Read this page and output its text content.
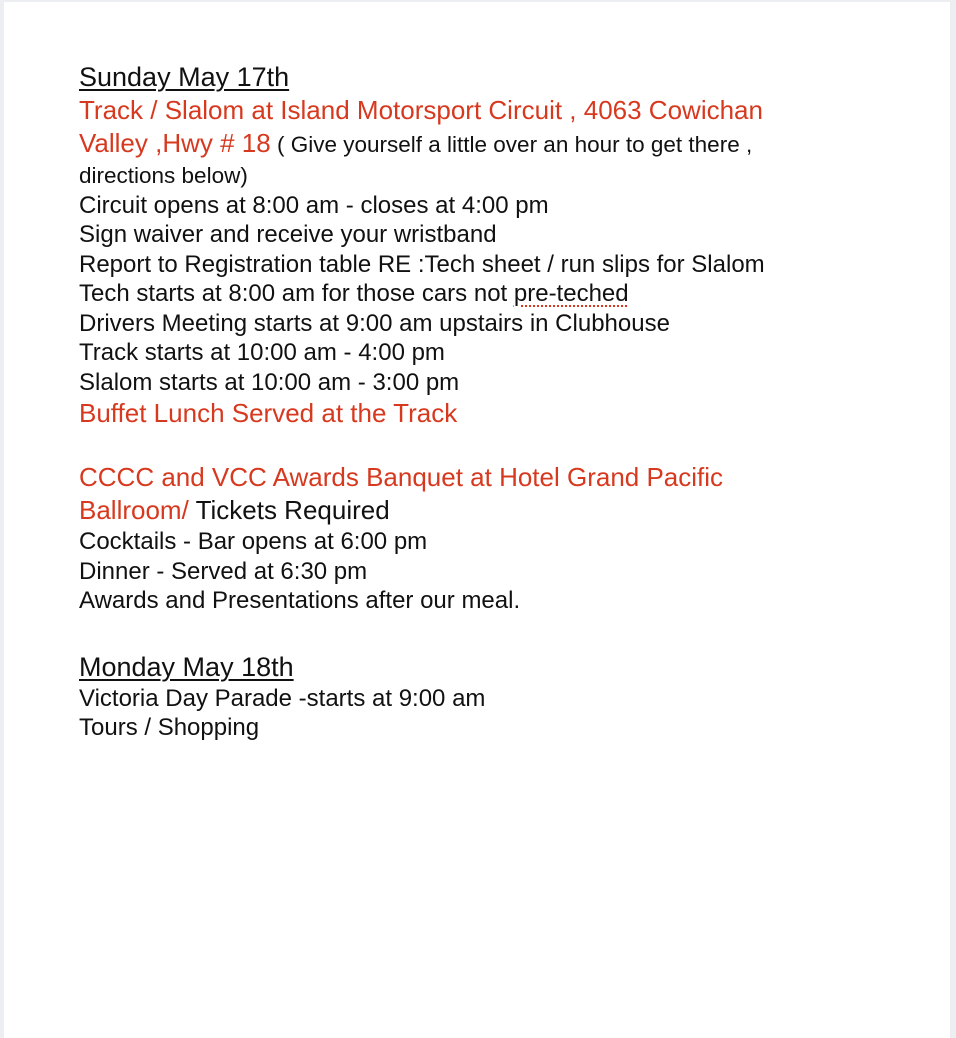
Sunday May 17th
Track / Slalom at Island Motorsport Circuit , 4063 Cowichan
Valley ,Hwy # 18 ( Give yourself a little over an hour to get there ,
directions below)
Circuit opens at 8:00 am - closes at 4:00 pm
Sign waiver and receive your wristband
Report to Registration table RE :Tech sheet / run slips for Slalom
Tech starts at 8:00 am for those cars not pre-teched
Drivers Meeting starts at 9:00 am upstairs in Clubhouse
Track starts at 10:00 am - 4:00 pm
Slalom starts at 10:00 am - 3:00 pm
Buffet Lunch Served at the Track
CCCC and VCC Awards Banquet at Hotel Grand Pacific
Ballroom/ Tickets Required
Cocktails - Bar opens at 6:00 pm
Dinner - Served at 6:30 pm
Awards and Presentations after our meal.
Monday May 18th
Victoria Day Parade -starts at 9:00 am
Tours / Shopping
